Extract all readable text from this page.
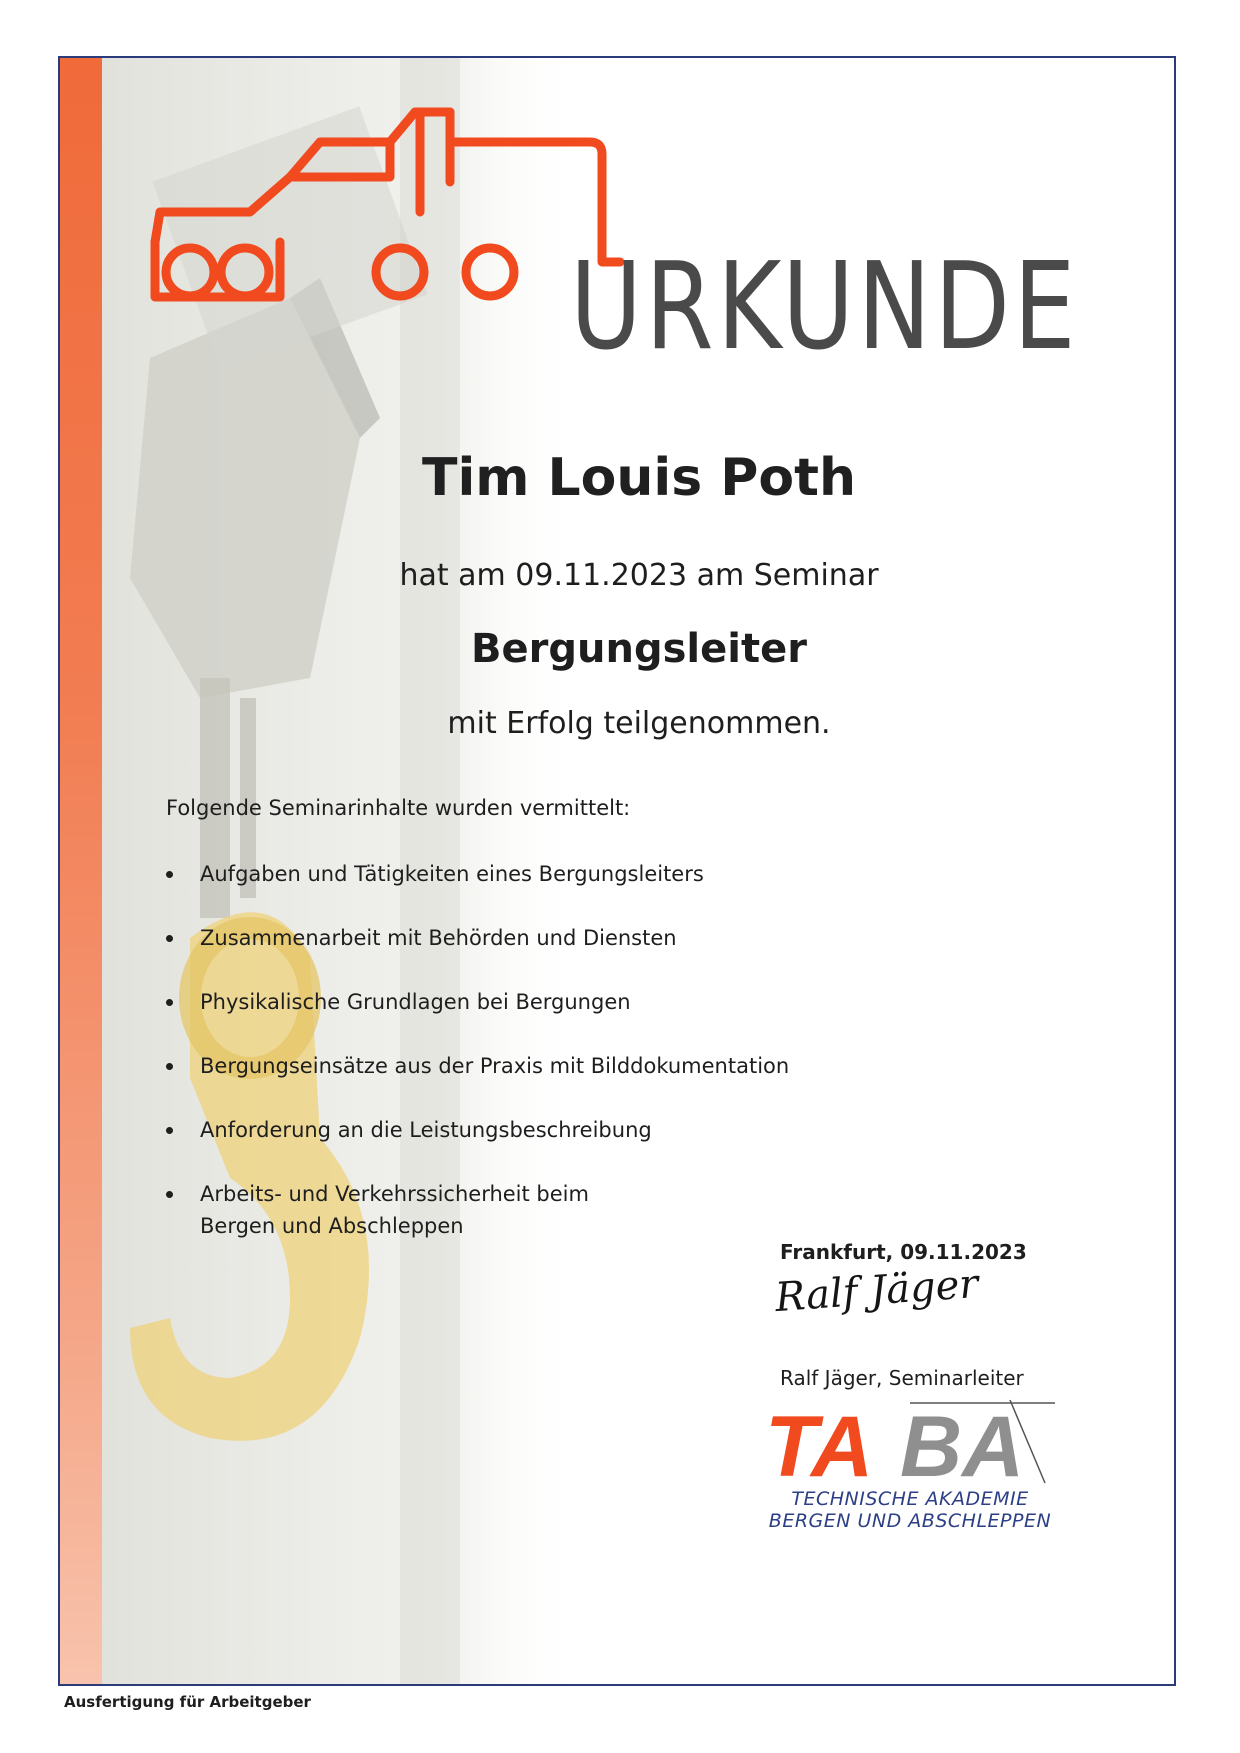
URKUNDE
Tim Louis Poth
hat am 09.11.2023 am Seminar
Bergungsleiter
mit Erfolg teilgenommen.
Folgende Seminarinhalte wurden vermittelt:
Aufgaben und Tätigkeiten eines Bergungsleiters
Zusammenarbeit mit Behörden und Diensten
Physikalische Grundlagen bei Bergungen
Bergungseinsätze aus der Praxis mit Bilddokumentation
Anforderung an die Leistungsbeschreibung
Arbeits- und Verkehrssicherheit beim Bergen und Abschleppen
Frankfurt, 09.11.2023
Ralf Jäger
Ralf Jäger, Seminarleiter
TA BA
TECHNISCHE AKADEMIE
BERGEN UND ABSCHLEPPEN
Ausfertigung für Arbeitgeber
